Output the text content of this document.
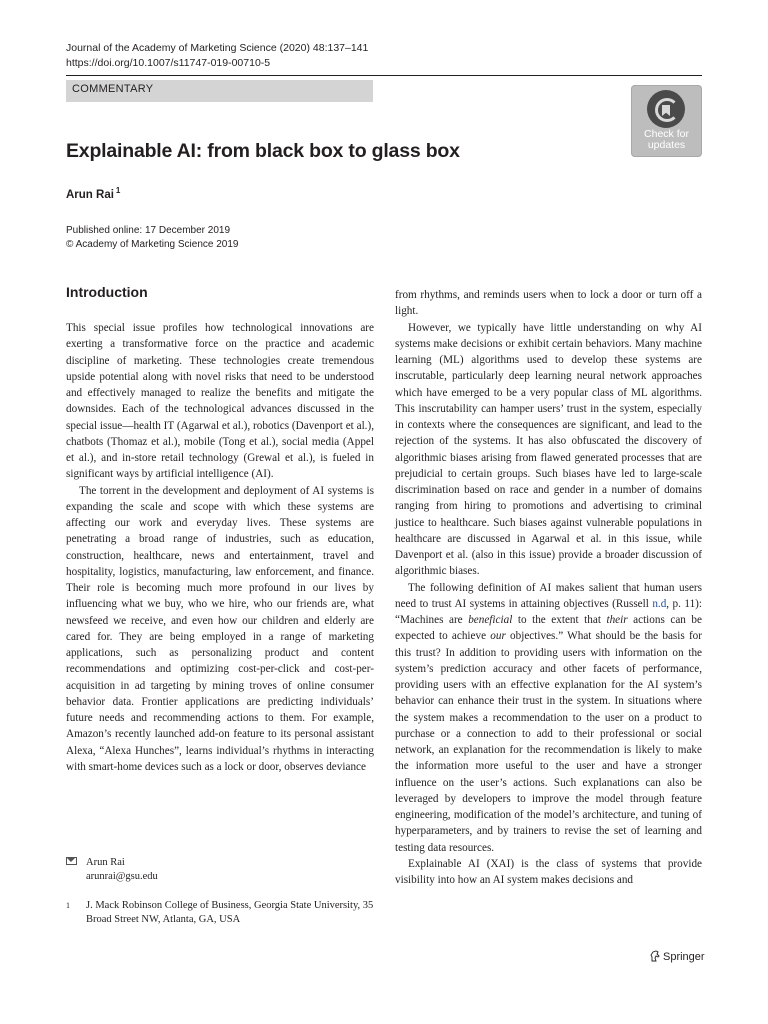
Journal of the Academy of Marketing Science (2020) 48:137–141
https://doi.org/10.1007/s11747-019-00710-5
COMMENTARY
Check for
updates
Explainable AI: from black box to glass box
Arun Rai $^1$
Published online: 17 December 2019
© Academy of Marketing Science 2019
Introduction

This special issue profiles how technological innovations are exerting a transformative force on the practice and academic discipline of marketing. These technologies create tremendous upside potential along with novel risks that need to be understood and effectively managed to realize the benefits and mitigate the downsides. Each of the technological advances discussed in the special issue—health IT (Agarwal et al.), robotics (Davenport et al.), chatbots (Thomaz et al.), mobile (Tong et al.), social media (Appel et al.), and in-store retail technology (Grewal et al.), is fueled in significant ways by artificial intelligence (AI).

The torrent in the development and deployment of AI systems is expanding the scale and scope with which these systems are affecting our work and everyday lives. These systems are penetrating a broad range of industries, such as education, construction, healthcare, news and entertainment, travel and hospitality, logistics, manufacturing, law enforcement, and finance. Their role is becoming much more profound in our lives by influencing what we buy, who we hire, who our friends are, what newsfeed we receive, and even how our children and elderly are cared for. They are being employed in a range of marketing applications, such as personalizing product and content recommendations and optimizing cost-per-click and cost-per-acquisition in ad targeting by mining troves of online consumer behavior data. Frontier applications are predicting individuals’ future needs and recommending actions to them. For example, Amazon’s recently launched add-on feature to its personal assistant Alexa, “Alexa Hunches”, learns individual’s rhythms in interacting with smart-home devices such as a lock or door, observes deviance

from rhythms, and reminds users when to lock a door or turn off a light.

However, we typically have little understanding on why AI systems make decisions or exhibit certain behaviors. Many machine learning (ML) algorithms used to develop these systems are inscrutable, particularly deep learning neural network approaches which have emerged to be a very popular class of ML algorithms. This inscrutability can hamper users’ trust in the system, especially in contexts where the consequences are significant, and lead to the rejection of the systems. It has also obfuscated the discovery of algorithmic biases arising from flawed generated processes that are prejudicial to certain groups. Such biases have led to large-scale discrimination based on race and gender in a number of domains ranging from hiring to promotions and advertising to criminal justice to healthcare. Such biases against vulnerable populations in healthcare are discussed in Agarwal et al. in this issue, while Davenport et al. (also in this issue) provide a broader discussion of algorithmic biases.

The following definition of AI makes salient that human users need to trust AI systems in attaining objectives (Russell n.d, p. 11): “Machines are beneficial to the extent that their actions can be expected to achieve our objectives.” What should be the basis for this trust? In addition to providing users with information on the system’s prediction accuracy and other facets of performance, providing users with an effective explanation for the AI system’s behavior can enhance their trust in the system. In situations where the system makes a recommendation to the user on a product to purchase or a connection to add to their professional or social network, an explanation for the recommendation is likely to make the information more useful to the user and have a stronger influence on the user’s actions. Such explanations can also be leveraged by developers to improve the model through feature engineering, modification of the model’s architecture, and tuning of hyperparameters, and by trainers to revise the set of learning and testing data resources.

Explainable AI (XAI) is the class of systems that provide visibility into how an AI system makes decisions and

Arun Rai
arunrai@gsu.edu
1 J. Mack Robinson College of Business, Georgia State University, 35
Broad Street NW, Atlanta, GA, USA
Springer
